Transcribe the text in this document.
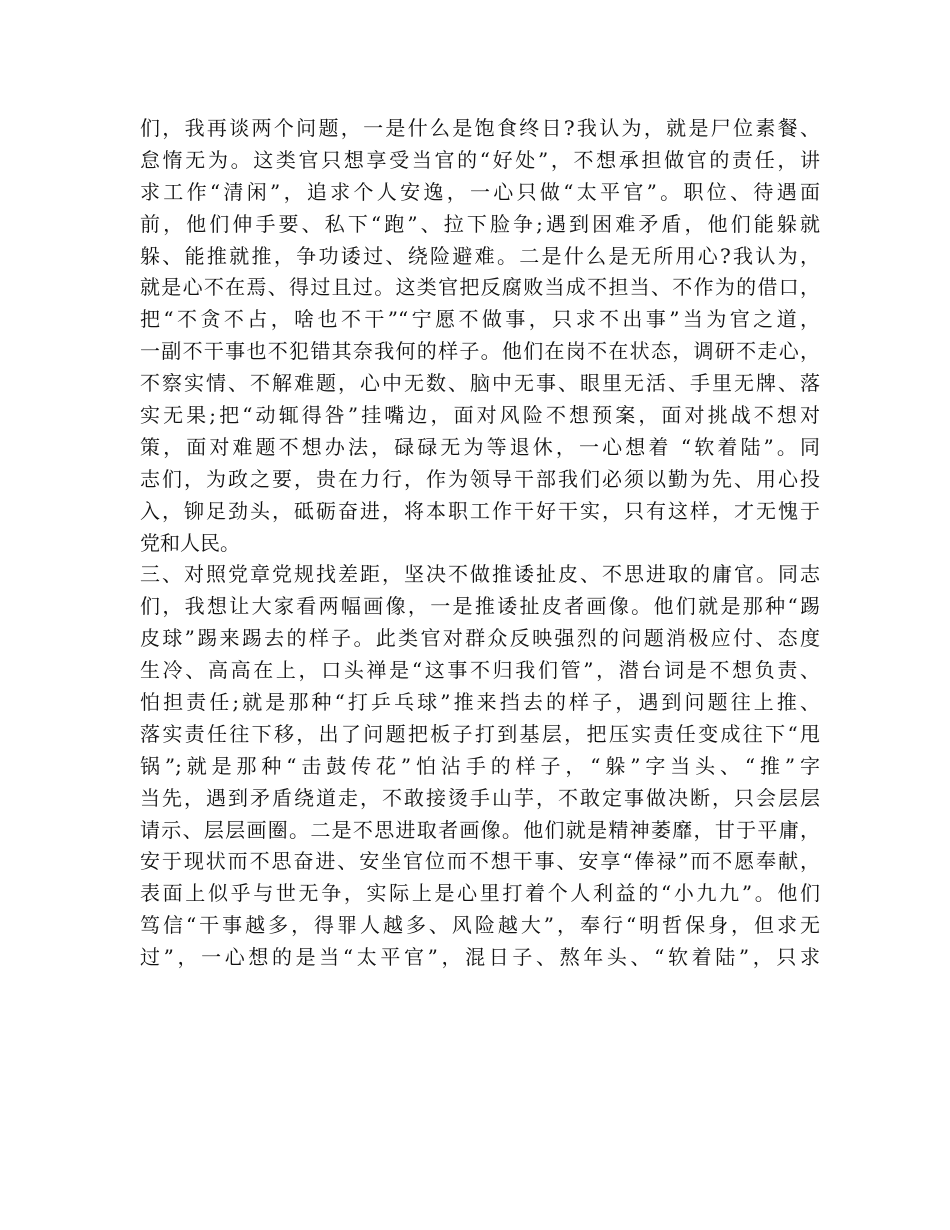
们，我再谈两个问题，一是什么是饱食终日?我认为，就是尸位素餐、
怠惰无为。这类官只想享受当官的“好处”，不想承担做官的责任，讲
求工作“清闲”，追求个人安逸，一心只做“太平官”。职位、待遇面
前，他们伸手要、私下“跑”、拉下脸争;遇到困难矛盾，他们能躲就
躲、能推就推，争功诿过、绕险避难。二是什么是无所用心?我认为，
就是心不在焉、得过且过。这类官把反腐败当成不担当、不作为的借口，
把“不贪不占，啥也不干”“宁愿不做事，只求不出事”当为官之道，
一副不干事也不犯错其奈我何的样子。他们在岗不在状态，调研不走心，
不察实情、不解难题，心中无数、脑中无事、眼里无活、手里无牌、落
实无果;把“动辄得咎”挂嘴边，面对风险不想预案，面对挑战不想对
策，面对难题不想办法，碌碌无为等退休，一心想着 “软着陆”。同
志们，为政之要，贵在力行，作为领导干部我们必须以勤为先、用心投
入，铆足劲头，砥砺奋进，将本职工作干好干实，只有这样，才无愧于
党和人民。
三、对照党章党规找差距，坚决不做推诿扯皮、不思进取的庸官。同志
们，我想让大家看两幅画像，一是推诿扯皮者画像。他们就是那种“踢
皮球”踢来踢去的样子。此类官对群众反映强烈的问题消极应付、态度
生冷、高高在上，口头禅是“这事不归我们管”，潜台词是不想负责、
怕担责任;就是那种“打乒乓球”推来挡去的样子，遇到问题往上推、
落实责任往下移，出了问题把板子打到基层，把压实责任变成往下“甩
锅”;就是那种“击鼓传花”怕沾手的样子，“躲”字当头、“推”字
当先，遇到矛盾绕道走，不敢接烫手山芋，不敢定事做决断，只会层层
请示、层层画圈。二是不思进取者画像。他们就是精神萎靡，甘于平庸，
安于现状而不思奋进、安坐官位而不想干事、安享“俸禄”而不愿奉献，
表面上似乎与世无争，实际上是心里打着个人利益的“小九九”。他们
笃信“干事越多，得罪人越多、风险越大”，奉行“明哲保身，但求无
过”，一心想的是当“太平官”，混日子、熬年头、“软着陆”，只求
